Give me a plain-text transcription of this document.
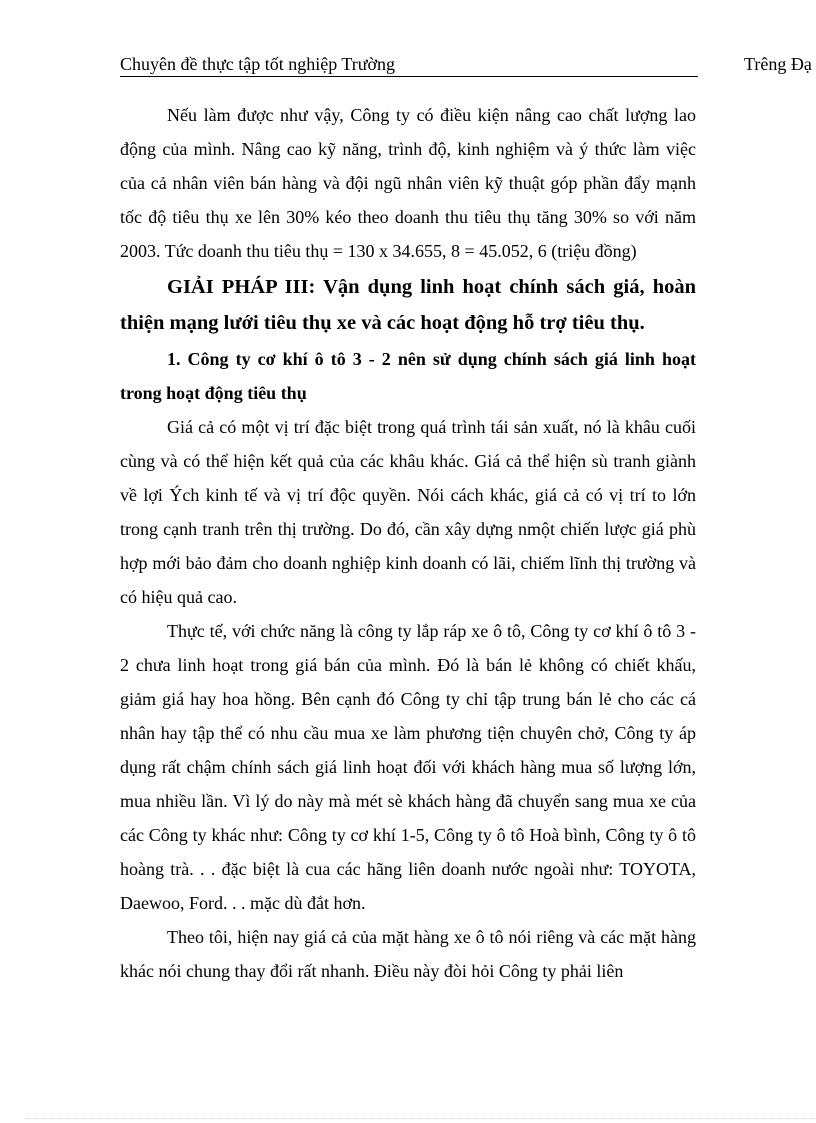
Chuyên đề thực tập tốt nghiệp Trường	Trêng Đạ

Nếu làm được như vậy, Công ty có điều kiện nâng cao chất lượng lao động của mình. Nâng cao kỹ năng, trình độ, kinh nghiệm và ý thức làm việc của cả nhân viên bán hàng và đội ngũ nhân viên kỹ thuật góp phần đẩy mạnh tốc độ tiêu thụ xe lên 30% kéo theo doanh thu tiêu thụ tăng 30% so với năm 2003. Tức doanh thu tiêu thụ = 130 x 34.655, 8 = 45.052, 6 (triệu đồng)

GIẢI PHÁP III: Vận dụng linh hoạt chính sách giá, hoàn thiện mạng lưới tiêu thụ xe và các hoạt động hỗ trợ tiêu thụ.

1. Công ty cơ khí ô tô 3 - 2 nên sử dụng chính sách giá linh hoạt trong hoạt động tiêu thụ

Giá cả có một vị trí đặc biệt trong quá trình tái sản xuất, nó là khâu cuối cùng và có thể hiện kết quả của các khâu khác. Giá cả thể hiện sù tranh giành về lợi Ých kinh tế và vị trí độc quyền. Nói cách khác, giá cả có vị trí to lớn trong cạnh tranh trên thị trường. Do đó, cần xây dựng nmột chiến lược giá phù hợp mới bảo đảm cho doanh nghiệp kinh doanh có lãi, chiếm lĩnh thị trường và có hiệu quả cao.

Thực tế, với chức năng là công ty lắp ráp xe ô tô, Công ty cơ khí ô tô 3 - 2 chưa linh hoạt trong giá bán của mình. Đó là bán lẻ không có chiết khấu, giảm giá hay hoa hồng. Bên cạnh đó Công ty chỉ tập trung bán lẻ cho các cá nhân hay tập thể có nhu cầu mua xe làm phương tiện chuyên chở, Công ty áp dụng rất chậm chính sách giá linh hoạt đối với khách hàng mua số lượng lớn, mua nhiều lần. Vì lý do này mà mét sè khách hàng đã chuyển sang mua xe của các Công ty khác như: Công ty cơ khí 1-5, Công ty ô tô Hoà bình, Công ty ô tô hoàng trà. . . đặc biệt là cua các hãng liên doanh nước ngoài như: TOYOTA, Daewoo, Ford. . . mặc dù đắt hơn.

Theo tôi, hiện nay giá cả của mặt hàng xe ô tô nói riêng và các mặt hàng khác nói chung thay đổi rất nhanh. Điều này đòi hỏi Công ty phải liên
